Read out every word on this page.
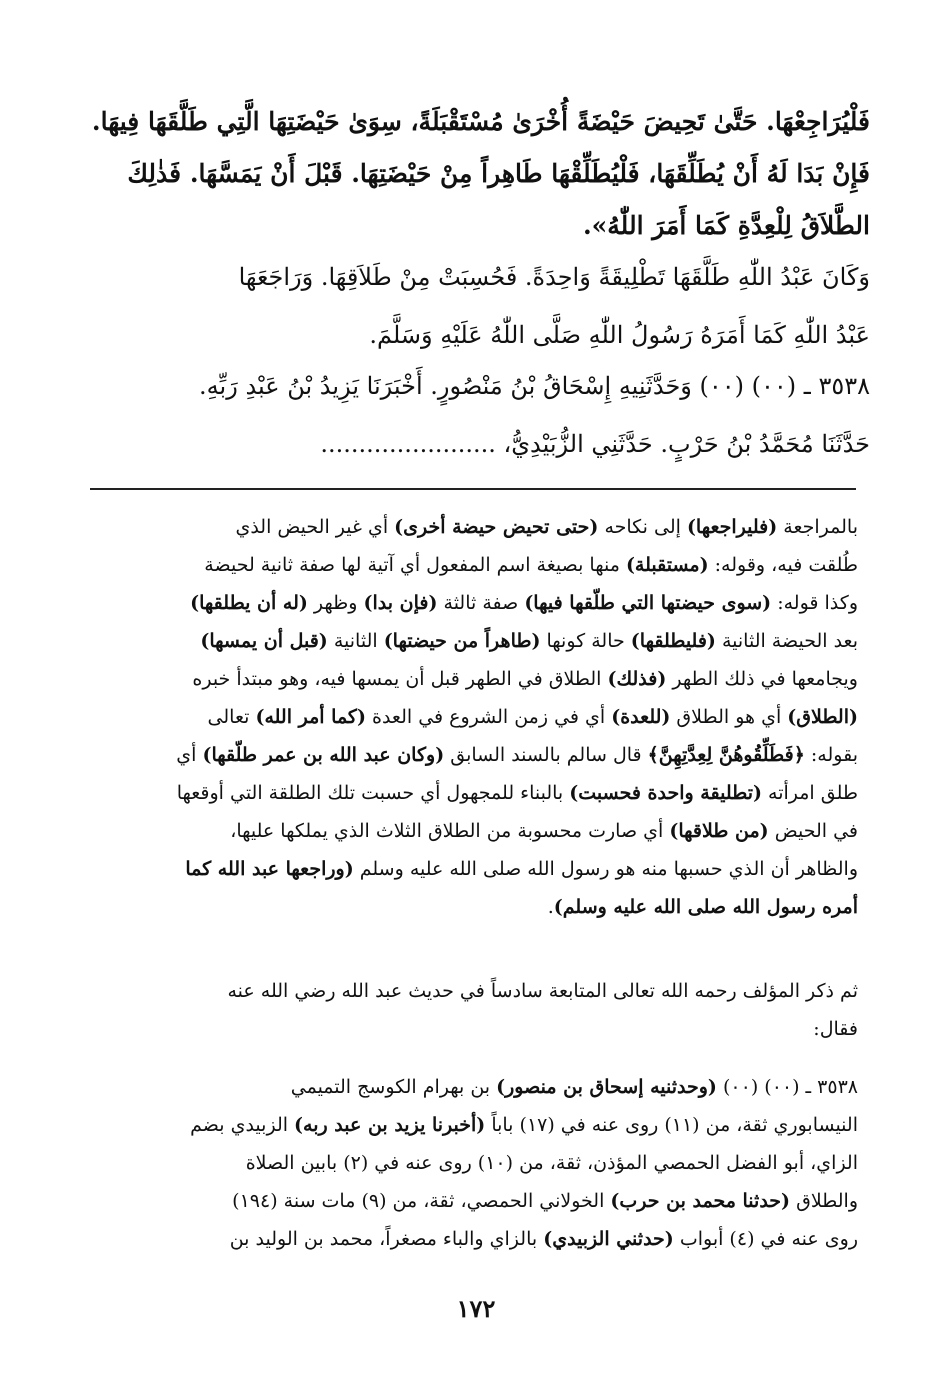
فَلْيُرَاجِعْهَا. حَتَّىٰ تَحِيضَ حَيْضَةً أُخْرَىٰ مُسْتَقْبَلَةً، سِوَىٰ حَيْضَتِهَا الَّتِي طَلَّقَهَا فِيهَا.
فَإِنْ بَدَا لَهُ أَنْ يُطَلِّقَهَا، فَلْيُطَلِّقْهَا طَاهِراً مِنْ حَيْضَتِهَا. قَبْلَ أَنْ يَمَسَّهَا. فَذٰلِكَ
الطَّلاَقُ لِلْعِدَّةِ كَمَا أَمَرَ اللّٰهُ».
وَكَانَ عَبْدُ اللّٰهِ طَلَّقَهَا تَطْلِيقَةً وَاحِدَةً. فَحُسِبَتْ مِنْ طَلاَقِهَا. وَرَاجَعَهَا
عَبْدُ اللّٰهِ كَمَا أَمَرَهُ رَسُولُ اللّٰهِ صَلَّى اللّٰهُ عَلَيْهِ وَسَلَّمَ.
٣٥٣٨ ـ (٠٠) (٠٠) وَحَدَّثَنِيهِ إِسْحَاقُ بْنُ مَنْصُورٍ. أَخْبَرَنَا يَزِيدُ بْنُ عَبْدِ رَبِّهِ.
حَدَّثَنَا مُحَمَّدُ بْنُ حَرْبٍ. حَدَّثَنِي الزُّبَيْدِيُّ، .......................
بالمراجعة (فليراجعها) إلى نكاحه (حتى تحيض حيضة أخرى) أي غير الحيض الذي
طُلقت فيه، وقوله: (مستقبلة) منها بصيغة اسم المفعول أي آتية لها صفة ثانية لحيضة
وكذا قوله: (سوى حيضتها التي طلّقها فيها) صفة ثالثة (فإن بدا) وظهر (له أن يطلقها)
بعد الحيضة الثانية (فليطلقها) حالة كونها (طاهراً من حيضتها) الثانية (قبل أن يمسها)
ويجامعها في ذلك الطهر (فذلك) الطلاق في الطهر قبل أن يمسها فيه، وهو مبتدأ خبره
(الطلاق) أي هو الطلاق (للعدة) أي في زمن الشروع في العدة (كما أمر الله) تعالى
بقوله: ﴿فَطَلِّقُوهُنَّ لِعِدَّتِهِنَّ﴾ قال سالم بالسند السابق (وكان عبد الله بن عمر طلّقها) أي
طلق امرأته (تطليقة واحدة فحسبت) بالبناء للمجهول أي حسبت تلك الطلقة التي أوقعها
في الحيض (من طلاقها) أي صارت محسوبة من الطلاق الثلاث الذي يملكها عليها،
والظاهر أن الذي حسبها منه هو رسول الله صلى الله عليه وسلم (وراجعها عبد الله كما
أمره رسول الله صلى الله عليه وسلم).
ثم ذكر المؤلف رحمه الله تعالى المتابعة سادساً في حديث عبد الله رضي الله عنه
فقال:
٣٥٣٨ ـ (٠٠) (٠٠) (وحدثنيه إسحاق بن منصور) بن بهرام الكوسج التميمي
النيسابوري ثقة، من (١١) روى عنه في (١٧) باباً (أخبرنا يزيد بن عبد ربه) الزبيدي بضم
الزاي، أبو الفضل الحمصي المؤذن، ثقة، من (١٠) روى عنه في (٢) بابين الصلاة
والطلاق (حدثنا محمد بن حرب) الخولاني الحمصي، ثقة، من (٩) مات سنة (١٩٤)
روى عنه في (٤) أبواب (حدثني الزبيدي) بالزاي والباء مصغراً، محمد بن الوليد بن
١٧٢
